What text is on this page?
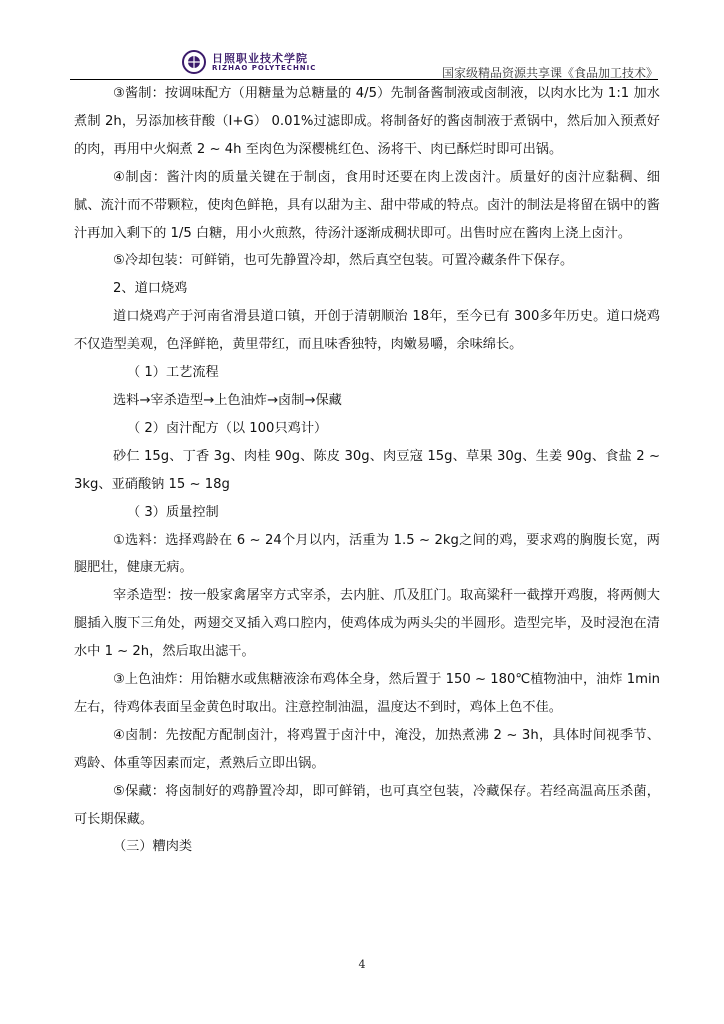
日照职业技术学院
RIZHAO POLYTECHNIC	国家级精品资源共享课《食品加工技术》

③酱制：按调味配方（用糖量为总糖量的 4/5）先制备酱制液或卤制液，以肉水比为 1:1 加水煮制 2h，另添加核苷酸（I+G） 0.01%过滤即成。将制备好的酱卤制液于煮锅中，然后加入预煮好的肉，再用中火焖煮 2 ~ 4h 至肉色为深樱桃红色、汤将干、肉已酥烂时即可出锅。

④制卤：酱汁肉的质量关键在于制卤，食用时还要在肉上泼卤汁。质量好的卤汁应黏稠、细腻、流汁而不带颗粒，使肉色鲜艳，具有以甜为主、甜中带咸的特点。卤汁的制法是将留在锅中的酱汁再加入剩下的 1/5 白糖，用小火煎熬，待汤汁逐渐成稠状即可。出售时应在酱肉上浇上卤汁。

⑤冷却包装：可鲜销，也可先静置冷却，然后真空包装。可置冷藏条件下保存。

2、道口烧鸡

道口烧鸡产于河南省滑县道口镇，开创于清朝顺治 18年，至今已有 300多年历史。道口烧鸡不仅造型美观，色泽鲜艳，黄里带红，而且味香独特，肉嫩易嚼，余味绵长。

（ 1）工艺流程

选料→宰杀造型→上色油炸→卤制→保藏

（ 2）卤汁配方（以 100只鸡计）

砂仁 15g、丁香 3g、肉桂 90g、陈皮 30g、肉豆寇 15g、草果 30g、生姜 90g、食盐 2 ~ 3kg、亚硝酸钠 15 ~ 18g

（ 3）质量控制

①选料：选择鸡龄在 6 ~ 24个月以内，活重为 1.5 ~ 2kg之间的鸡，要求鸡的胸腹长宽，两腿肥壮，健康无病。

宰杀造型：按一般家禽屠宰方式宰杀，去内脏、爪及肛门。取高粱秆一截撑开鸡腹，将两侧大腿插入腹下三角处，两翅交叉插入鸡口腔内，使鸡体成为两头尖的半圆形。造型完毕，及时浸泡在清水中 1 ~ 2h，然后取出滤干。

③上色油炸：用饴糖水或焦糖液涂布鸡体全身，然后置于 150 ~ 180℃植物油中，油炸 1min左右，待鸡体表面呈金黄色时取出。注意控制油温，温度达不到时，鸡体上色不佳。

④卤制：先按配方配制卤汁，将鸡置于卤汁中，淹没，加热煮沸 2 ~ 3h，具体时间视季节、鸡龄、体重等因素而定，煮熟后立即出锅。

⑤保藏：将卤制好的鸡静置冷却，即可鲜销，也可真空包装，冷藏保存。若经高温高压杀菌，可长期保藏。

（三）糟肉类

4
